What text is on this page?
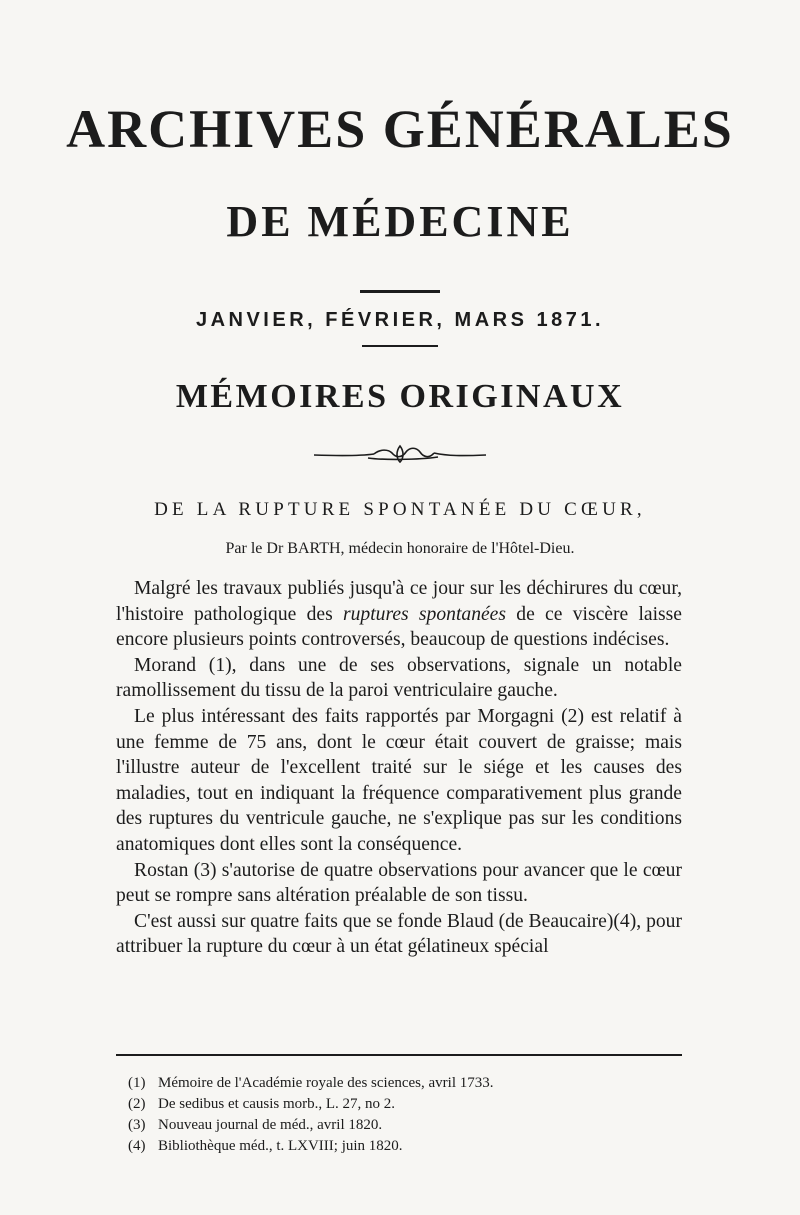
ARCHIVES GÉNÉRALES
DE MÉDECINE
JANVIER, FÉVRIER, MARS 1871.
MÉMOIRES ORIGINAUX
DE LA RUPTURE SPONTANÉE DU CŒUR,
Par le Dr BARTH, médecin honoraire de l'Hôtel-Dieu.

Malgré les travaux publiés jusqu'à ce jour sur les déchirures du cœur, l'histoire pathologique des ruptures spontanées de ce viscère laisse encore plusieurs points controversés, beaucoup de questions indécises.

Morand (1), dans une de ses observations, signale un notable ramollissement du tissu de la paroi ventriculaire gauche.

Le plus intéressant des faits rapportés par Morgagni (2) est relatif à une femme de 75 ans, dont le cœur était couvert de graisse; mais l'illustre auteur de l'excellent traité sur le siége et les causes des maladies, tout en indiquant la fréquence comparativement plus grande des ruptures du ventricule gauche, ne s'explique pas sur les conditions anatomiques dont elles sont la conséquence.

Rostan (3) s'autorise de quatre observations pour avancer que le cœur peut se rompre sans altération préalable de son tissu.

C'est aussi sur quatre faits que se fonde Blaud (de Beaucaire)(4), pour attribuer la rupture du cœur à un état gélatineux spécial

(1) Mémoire de l'Académie royale des sciences, avril 1733.
(2) De sedibus et causis morb., L. 27, no 2.
(3) Nouveau journal de méd., avril 1820.
(4) Bibliothèque méd., t. LXVIII; juin 1820.
